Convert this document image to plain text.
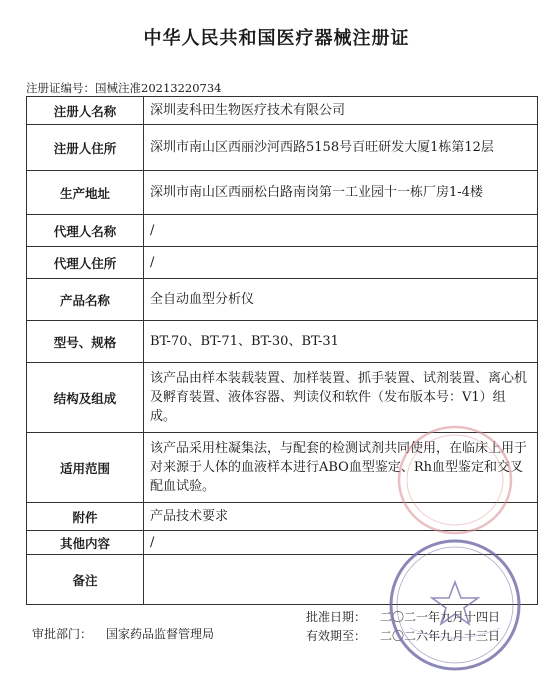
中华人民共和国医疗器械注册证
注册证编号：国械注准20213220734
注册人名称	深圳麦科田生物医疗技术有限公司
注册人住所	深圳市南山区西丽沙河西路5158号百旺研发大厦1栋第12层
生产地址	深圳市南山区西丽松白路南岗第一工业园十一栋厂房1-4楼
代理人名称	/
代理人住所	/
产品名称	全自动血型分析仪
型号、规格	BT-70、BT-71、BT-30、BT-31
结构及组成	该产品由样本装载装置、加样装置、抓手装置、试剂装置、离心机及孵育装置、液体容器、判读仪和软件（发布版本号：V1）组成。
适用范围	该产品采用柱凝集法，与配套的检测试剂共同使用，在临床上用于对来源于人体的血液样本进行ABO血型鉴定、Rh血型鉴定和交叉配血试验。
附件	产品技术要求
其他内容	/
备注	
审批部门： 国家药品监督管理局
批准日期： 二〇二一年九月十四日
有效期至： 二〇二六年九月十三日
